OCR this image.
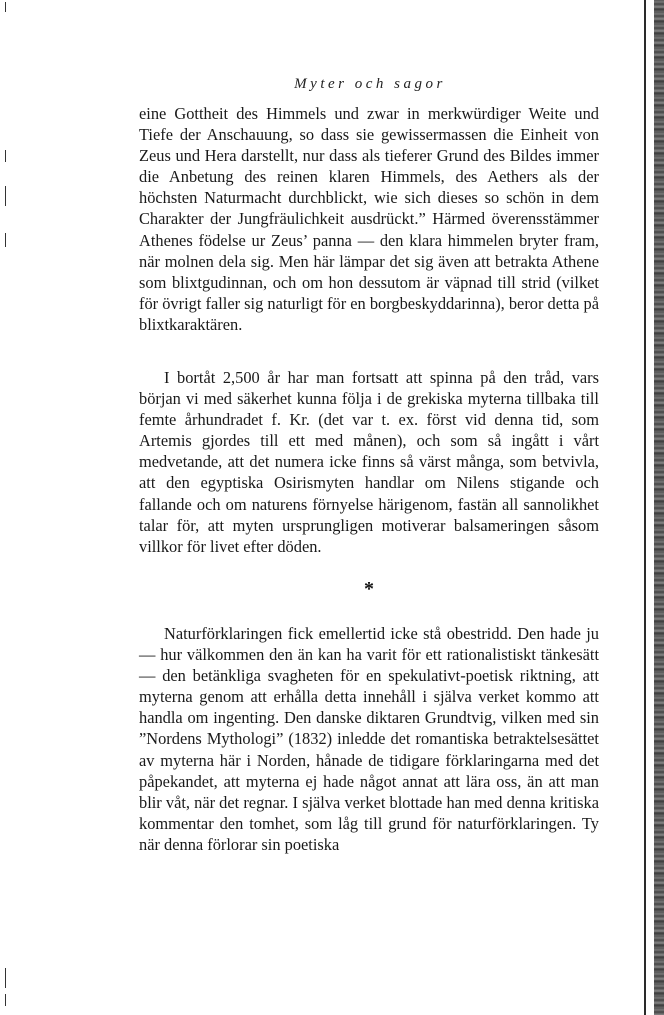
Myter och sagor

eine Gottheit des Himmels und zwar in merkwürdiger Weite und Tiefe der Anschauung, so dass sie gewissermassen die Einheit von Zeus und Hera darstellt, nur dass als tieferer Grund des Bildes immer die Anbetung des reinen klaren Himmels, des Aethers als der höchsten Naturmacht durchblickt, wie sich dieses so schön in dem Charakter der Jungfräulichkeit ausdrückt.” Härmed överensstämmer Athenes födelse ur Zeus’ panna — den klara himmelen bryter fram, när molnen dela sig. Men här lämpar det sig även att betrakta Athene som blixtgudinnan, och om hon dessutom är väpnad till strid (vilket för övrigt faller sig naturligt för en borgbeskyddarinna), beror detta på blixtkaraktären.

I bortåt 2,500 år har man fortsatt att spinna på den tråd, vars början vi med säkerhet kunna följa i de grekiska myterna tillbaka till femte århundradet f. Kr. (det var t. ex. först vid denna tid, som Artemis gjordes till ett med månen), och som så ingått i vårt medvetande, att det numera icke finns så värst många, som betvivla, att den egyptiska Osirismyten handlar om Nilens stigande och fallande och om naturens förnyelse härigenom, fastän all sannolikhet talar för, att myten ursprungligen motiverar balsameringen såsom villkor för livet efter döden.

*

Naturförklaringen fick emellertid icke stå obestridd. Den hade ju — hur välkommen den än kan ha varit för ett rationalistiskt tänkesätt — den betänkliga svagheten för en spekulativt-poetisk riktning, att myterna genom att erhålla detta innehåll i själva verket kommo att handla om ingenting. Den danske diktaren Grundtvig, vilken med sin ”Nordens Mythologi” (1832) inledde det romantiska betraktelsesättet av myterna här i Norden, hånade de tidigare förklaringarna med det påpekandet, att myterna ej hade något annat att lära oss, än att man blir våt, när det regnar. I själva verket blottade han med denna kritiska kommentar den tomhet, som låg till grund för naturförklaringen. Ty när denna förlorar sin poetiska
